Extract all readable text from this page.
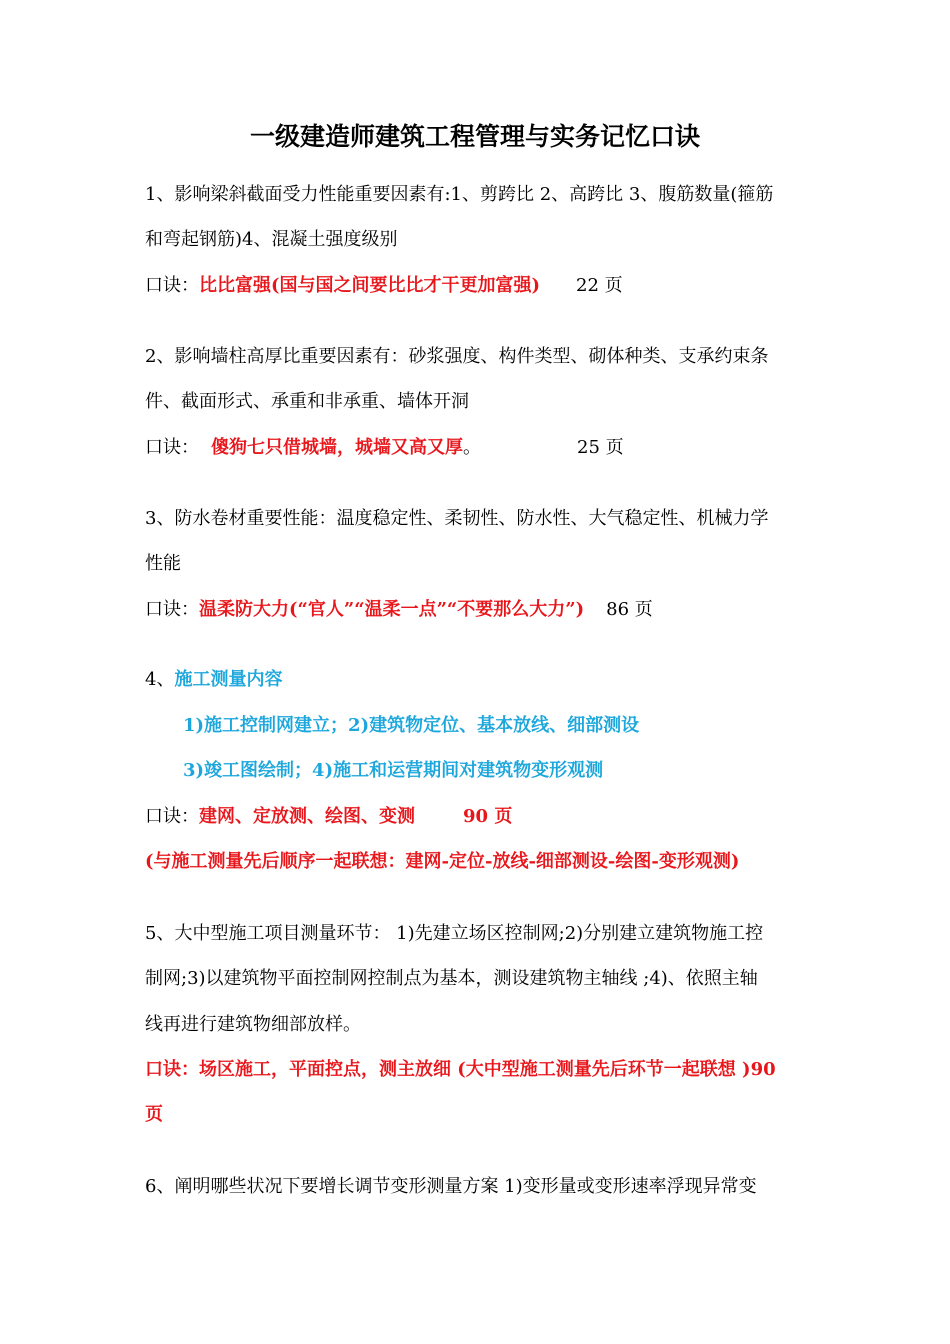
一级建造师建筑工程管理与实务记忆口诀
1、影响梁斜截面受力性能重要因素有:1、剪跨比 2、高跨比 3、腹筋数量(箍筋
和弯起钢筋)4、混凝土强度级别
口诀：比比富强(国与国之间要比比才干更加富强) 22 页
2、影响墙柱高厚比重要因素有：砂浆强度、构件类型、砌体种类、支承约束条
件、截面形式、承重和非承重、墙体开洞
口诀： 傻狗七只借城墙，城墙又高又厚。	25 页
3、防水卷材重要性能：温度稳定性、柔韧性、防水性、大气稳定性、机械力学
性能
口诀：温柔防大力(“官人”“温柔一点”“不要那么大力”) 86 页
4、施工测量内容
1)施工控制网建立；2)建筑物定位、基本放线、细部测设
3)竣工图绘制；4)施工和运营期间对建筑物变形观测
口诀：建网、定放测、绘图、变测	90 页
(与施工测量先后顺序一起联想：建网-定位-放线-细部测设-绘图-变形观测)
5、大中型施工项目测量环节： 1)先建立场区控制网;2)分别建立建筑物施工控
制网;3)以建筑物平面控制网控制点为基本，测设建筑物主轴线 ;4)、依照主轴
线再进行建筑物细部放样。
口诀：场区施工，平面控点，测主放细 (大中型施工测量先后环节一起联想 )90
页
6、阐明哪些状况下要增长调节变形测量方案 1)变形量或变形速率浮现异常变
